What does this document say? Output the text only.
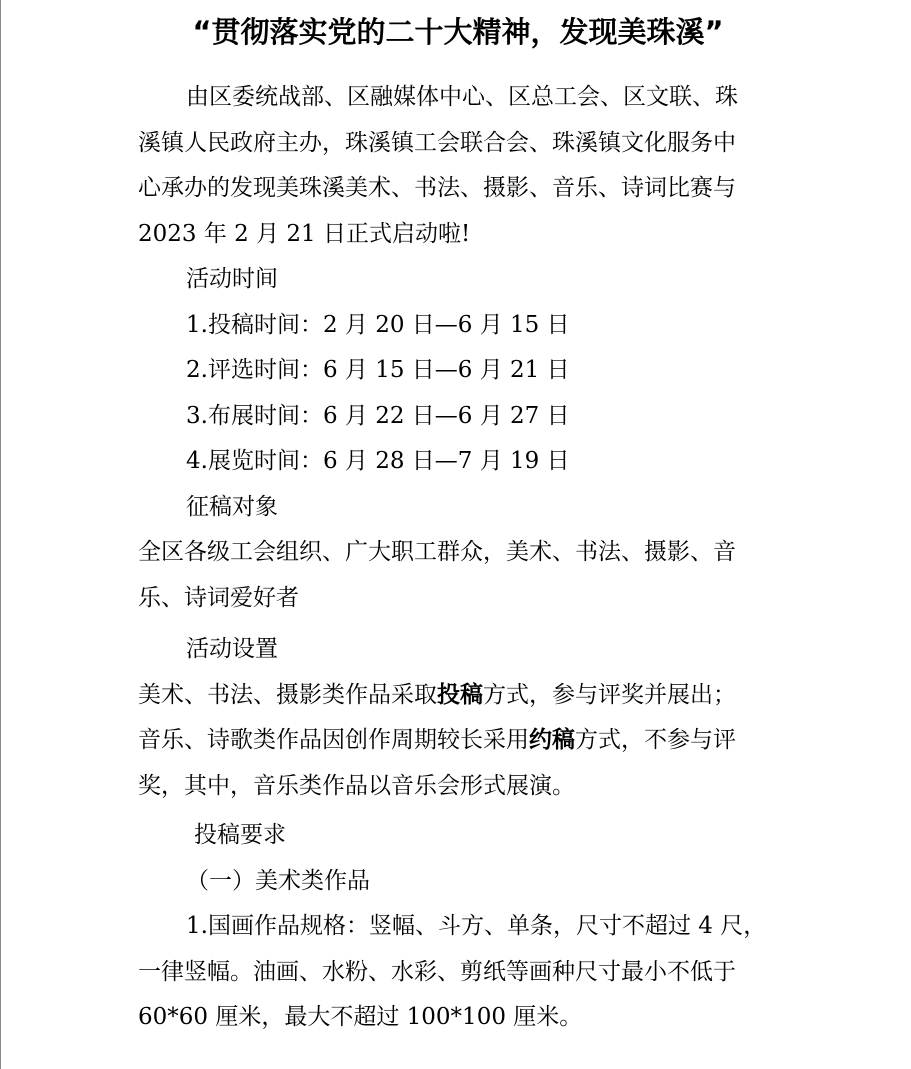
“贯彻落实党的二十大精神，发现美珠溪”

由区委统战部、区融媒体中心、区总工会、区文联、珠

溪镇人民政府主办，珠溪镇工会联合会、珠溪镇文化服务中

心承办的发现美珠溪美术、书法、摄影、音乐、诗词比赛与

2023 年 2 月 21 日正式启动啦!

活动时间

1.投稿时间：2 月 20 日—6 月 15 日

2.评选时间：6 月 15 日—6 月 21 日

3.布展时间：6 月 22 日—6 月 27 日

4.展览时间：6 月 28 日—7 月 19 日

征稿对象

全区各级工会组织、广大职工群众，美术、书法、摄影、音

乐、诗词爱好者

活动设置

美术、书法、摄影类作品采取投稿方式，参与评奖并展出；

音乐、诗歌类作品因创作周期较长采用约稿方式，不参与评

奖，其中，音乐类作品以音乐会形式展演。

投稿要求

（一）美术类作品

1.国画作品规格：竖幅、斗方、单条，尺寸不超过 4 尺，

一律竖幅。油画、水粉、水彩、剪纸等画种尺寸最小不低于

60*60 厘米，最大不超过 100*100 厘米。
